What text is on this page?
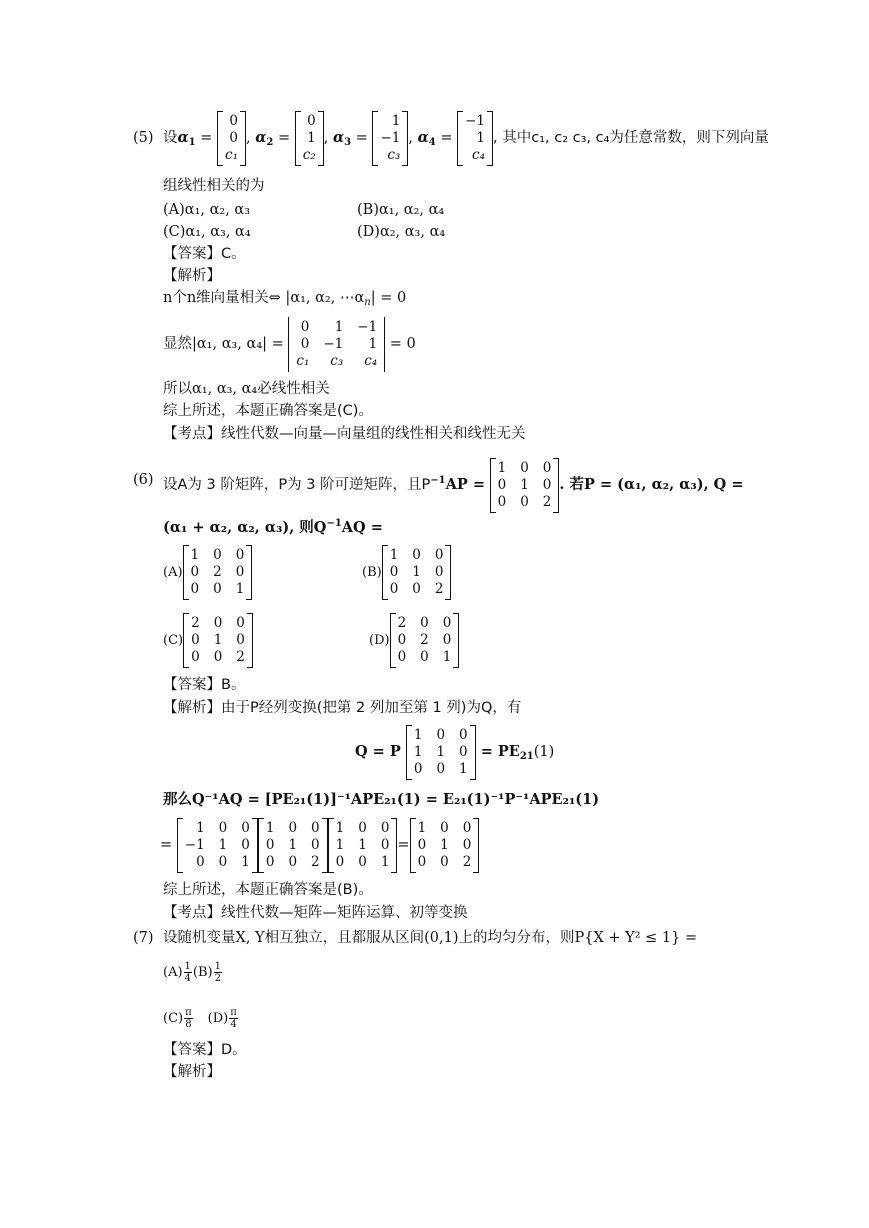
(5) 设$\alpha_1$ =
0
0
c₁
, $\alpha_2$ =
0
1
c₂
, $\alpha_3$ =
1
−1
c₃
, $\alpha_4$ =
−1
1
c₄
, 其中c₁, c₂ c₃, c₄为任意常数，则下列向量
组线性相关的为
(A)α₁, α₂, α₃	(B)α₁, α₂, α₄
(C)α₁, α₃, α₄	(D)α₂, α₃, α₄
【答案】C。
【解析】
n个n维向量相关⇔ |α₁, α₂, $\cdots\alpha_n| = 0$
显然|α₁, α₃, α₄| =
0	1 −1
0 −1	1
c₁	c₃	c₄
= 0
所以α₁, α₃, α₄必线性相关
综上所述，本题正确答案是(C)。
【考点】线性代数—向量—向量组的线性相关和线性无关
(6) 设A为 3 阶矩阵，P为 3 阶可逆矩阵，且$P^{-1}AP$ =
1 0 0
0 1 0
0 0 2
. 若P = (α₁, α₂, α₃), Q =
(α₁ + α₂, α₂, α₃), 则$Q^{-1}AQ$ =
(A)
1 0 0
0 2 0
0 0 1
(B)
1 0 0
0 1 0
0 0 2
(C)
2 0 0
0 1 0
0 0 2
(D)
2 0 0
0 2 0
0 0 1
【答案】B。
【解析】由于P经列变换(把第 2 列加至第 1 列)为Q，有
Q = P
1 0 0
1 1 0
0 0 1
= $PE_{21}(1)$
那么Q⁻¹AQ = [PE₂₁(1)]⁻¹APE₂₁(1) = E₂₁(1)⁻¹P⁻¹APE₂₁(1)
=
1 0 0
−1 1 0
0 0 1
1 0 0
0 1 0
0 0 2
1 0 0
1 1 0
0 0 1
=
1 0 0
0 1 0
0 0 2
综上所述，本题正确答案是(B)。
【考点】线性代数—矩阵—矩阵运算、初等变换
(7) 设随机变量X, Y相互独立，且都服从区间(0,1)上的均匀分布，则P{X + Y² ≤ 1} =
$(A) \frac{1}{4} (B) \frac{1}{2}$
$(C) \frac{\pi}{8} (D) \frac{\pi}{4}$
【答案】D。
【解析】
